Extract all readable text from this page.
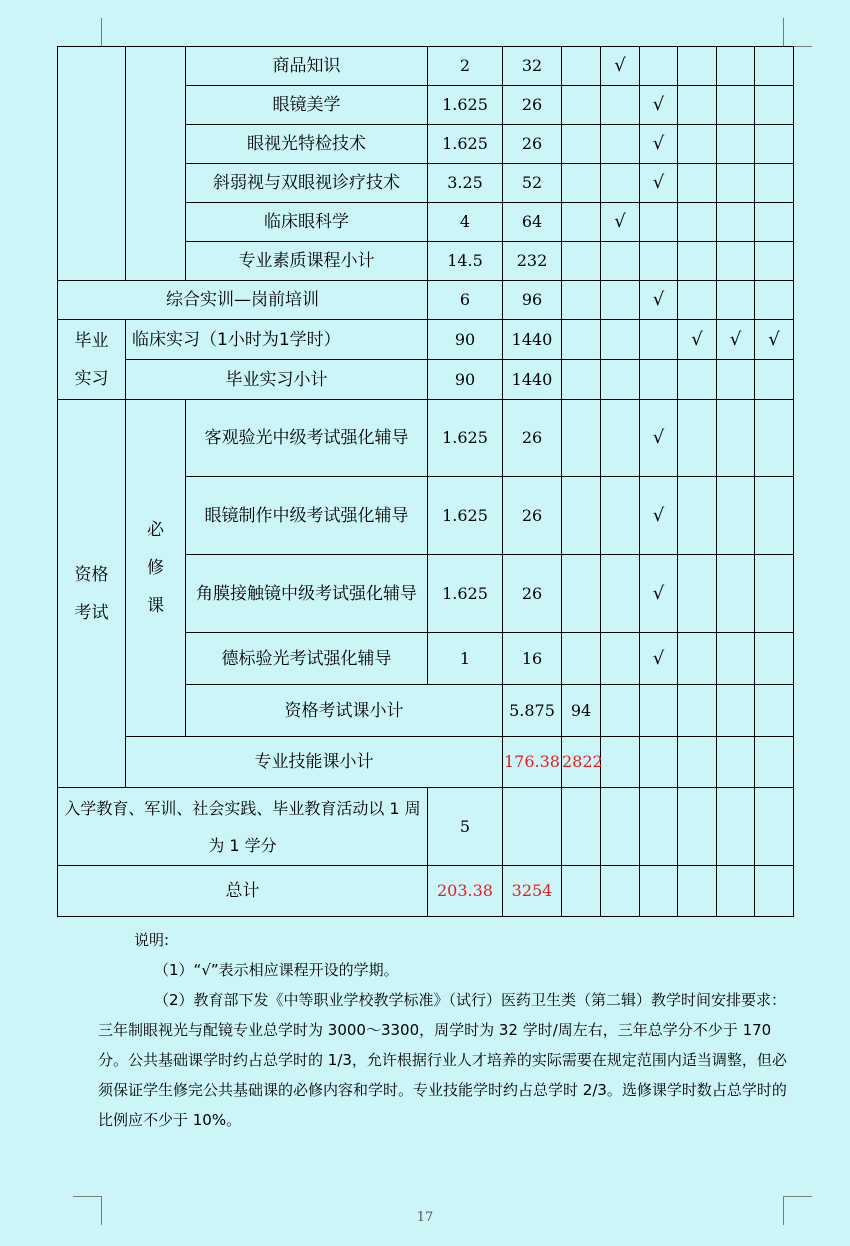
		商品知识	2	32		√					
		眼镜美学	1.625	26			√				
		眼视光特检技术	1.625	26			√				
		斜弱视与双眼视诊疗技术	3.25	52			√				
		临床眼科学	4	64		√					
		专业素质课程小计	14.5	232							
综合实训—岗前培训			6	96			√				
毕业实习	临床实习（1小时为1学时）		90	1440				√	√	√	
	毕业实习小计		90	1440							
资格考试	必修课	客观验光中级考试强化辅导	1.625	26			√				
		眼镜制作中级考试强化辅导	1.625	26			√				
		角膜接触镜中级考试强化辅导	1.625	26			√				
		德标验光考试强化辅导	1	16			√				
		资格考试课小计		5.875	94						
	专业技能课小计			176.38	2822						
入学教育、军训、社会实践、毕业教育活动以 1 周为 1 学分			5								
总计			203.38	3254							

说明:

（1）“√”表示相应课程开设的学期。

（2）教育部下发《中等职业学校教学标准》（试行）医药卫生类（第二辑）教学时间安排要求：三年制眼视光与配镜专业总学时为 3000～3300，周学时为 32 学时/周左右，三年总学分不少于 170 分。公共基础课学时约占总学时的 1/3，允许根据行业人才培养的实际需要在规定范围内适当调整，但必须保证学生修完公共基础课的必修内容和学时。专业技能学时约占总学时 2/3。选修课学时数占总学时的比例应不少于 10%。

17
